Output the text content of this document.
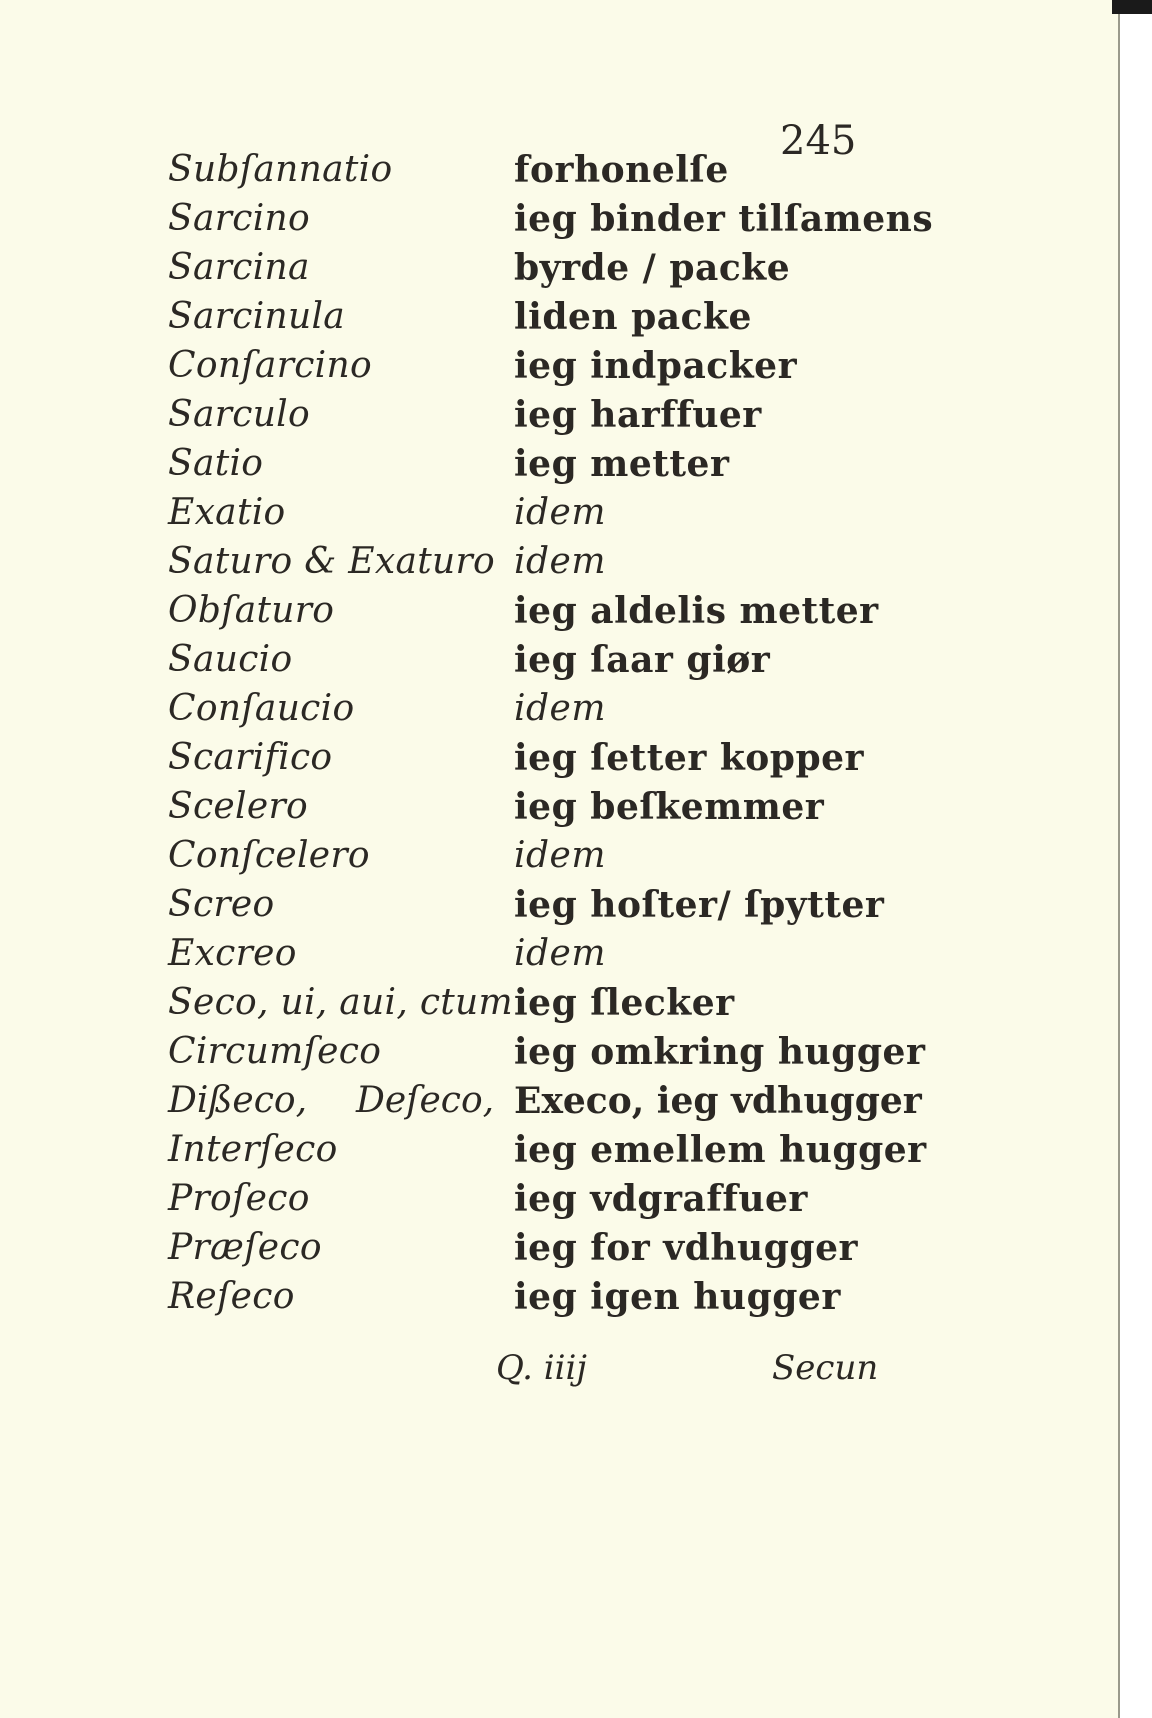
245
Subſannatio	forhonelſe
Sarcino	ieg binder tilſamens
Sarcina	byrde / packe
Sarcinula	liden packe
Conſarcino	ieg indpacker
Sarculo	ieg harffuer
Satio	ieg metter
Exatio	idem
Saturo & Exaturo idem
Obſaturo	ieg aldelis metter
Saucio	ieg ſaar giør
Conſaucio	idem
Scarifico	ieg ſetter kopper
Scelero	ieg beſkemmer
Conſcelero	idem
Screo	ieg hoſter/ ſpytter
Excreo	idem
Seco, ui, aui, ctum ieg ſlecker
Circumſeco	ieg omkring hugger
Dißeco, Deſeco, Execo, ieg vdhugger
Interſeco	ieg emellem hugger
Proſeco	ieg vdgraffuer
Præſeco	ieg for vdhugger
Reſeco	ieg igen hugger
Q. iiij	Secun
